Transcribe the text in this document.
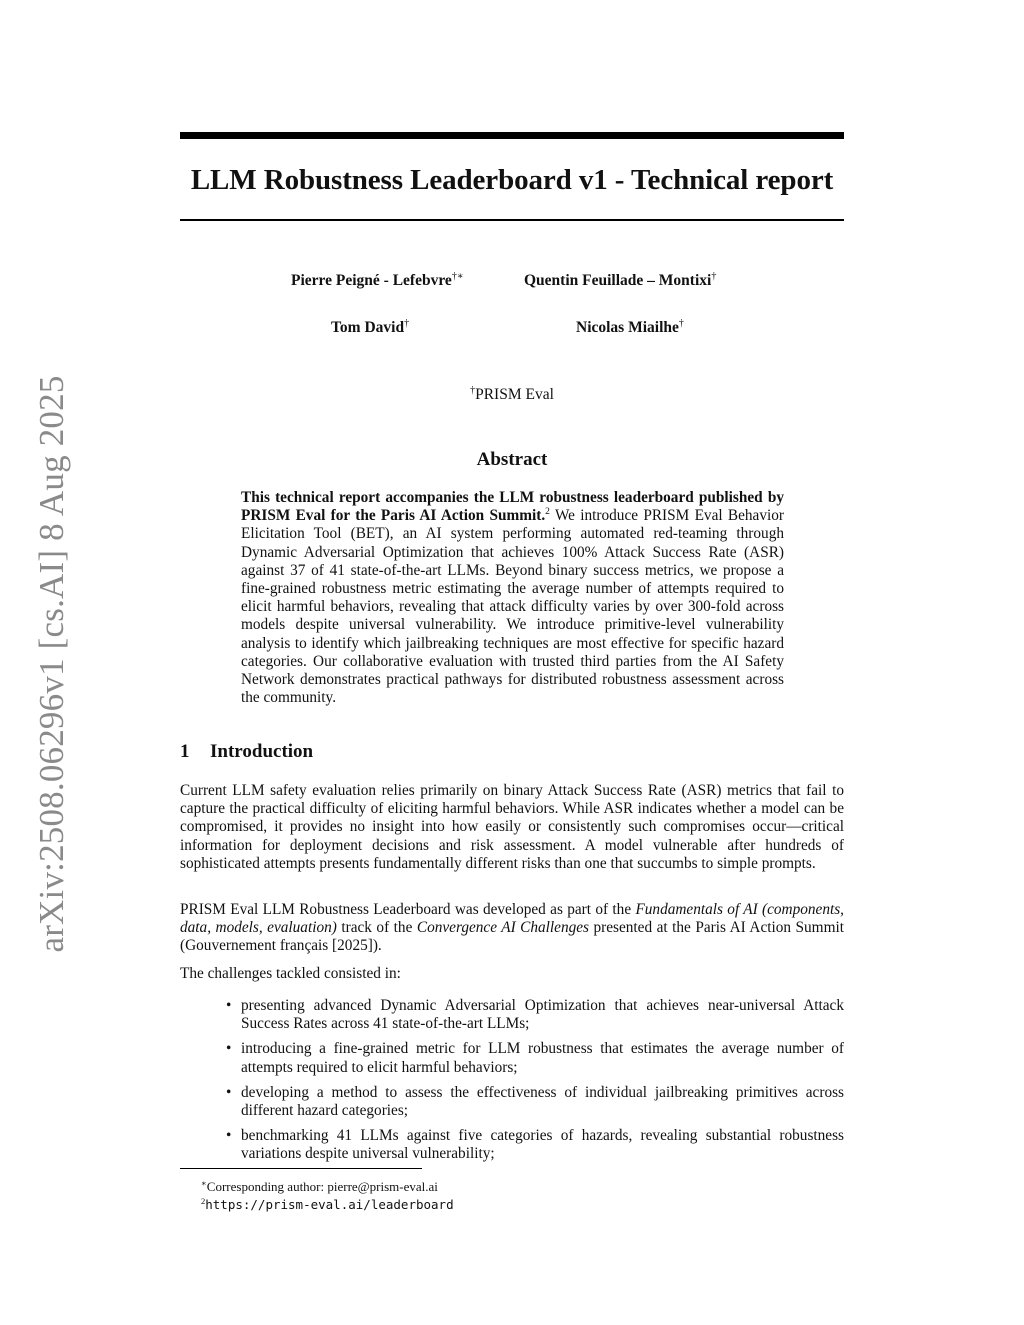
arXiv:2508.06296v1 [cs.AI] 8 Aug 2025
LLM Robustness Leaderboard v1 - Technical report
Pierre Peigné - Lefebvre†∗	Quentin Feuillade – Montixi†
Tom David†	Nicolas Miailhe†
†PRISM Eval
Abstract
This technical report accompanies the LLM robustness leaderboard published by PRISM Eval for the Paris AI Action Summit.$^2$ We introduce PRISM Eval Behavior Elicitation Tool (BET), an AI system performing automated red-teaming through Dynamic Adversarial Optimization that achieves 100% Attack Success Rate (ASR) against 37 of 41 state-of-the-art LLMs. Beyond binary success metrics, we propose a fine-grained robustness metric estimating the average number of attempts required to elicit harmful behaviors, revealing that attack difficulty varies by over 300-fold across models despite universal vulnerability. We introduce primitive-level vulnerability analysis to identify which jailbreaking techniques are most effective for specific hazard categories. Our collaborative evaluation with trusted third parties from the AI Safety Network demonstrates practical pathways for distributed robustness assessment across the community.
1 Introduction

Current LLM safety evaluation relies primarily on binary Attack Success Rate (ASR) metrics that fail to capture the practical difficulty of eliciting harmful behaviors. While ASR indicates whether a model can be compromised, it provides no insight into how easily or consistently such compromises occur—critical information for deployment decisions and risk assessment. A model vulnerable after hundreds of sophisticated attempts presents fundamentally different risks than one that succumbs to simple prompts.

PRISM Eval LLM Robustness Leaderboard was developed as part of the Fundamentals of AI (components, data, models, evaluation) track of the Convergence AI Challenges presented at the Paris AI Action Summit (Gouvernement français [2025]).

The challenges tackled consisted in:

• presenting advanced Dynamic Adversarial Optimization that achieves near-universal Attack Success Rates across 41 state-of-the-art LLMs;
• introducing a fine-grained metric for LLM robustness that estimates the average number of attempts required to elicit harmful behaviors;
• developing a method to assess the effectiveness of individual jailbreaking primitives across different hazard categories;
• benchmarking 41 LLMs against five categories of hazards, revealing substantial robustness variations despite universal vulnerability;
∗Corresponding author: pierre@prism-eval.ai
$^2$https://prism-eval.ai/leaderboard
